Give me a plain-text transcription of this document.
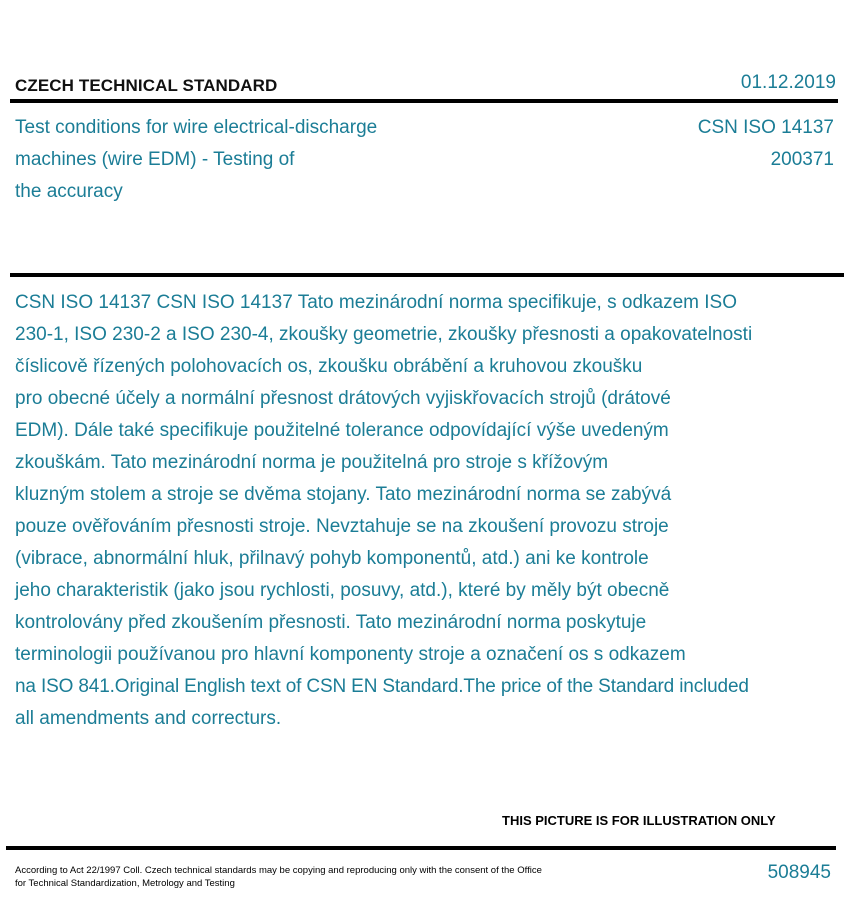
CZECH TECHNICAL STANDARD	01.12.2019
Test conditions for wire electrical-discharge
machines (wire EDM) - Testing of
the accuracy
CSN ISO 14137
200371
CSN ISO 14137 CSN ISO 14137 Tato mezinárodní norma specifikuje, s odkazem ISO
230-1, ISO 230-2 a ISO 230-4, zkoušky geometrie, zkoušky přesnosti a opakovatelnosti
číslicově řízených polohovacích os, zkoušku obrábění a kruhovou zkoušku
pro obecné účely a normální přesnost drátových vyjiskřovacích strojů (drátové
EDM). Dále také specifikuje použitelné tolerance odpovídající výše uvedeným
zkouškám. Tato mezinárodní norma je použitelná pro stroje s křížovým
kluzným stolem a stroje se dvěma stojany. Tato mezinárodní norma se zabývá
pouze ověřováním přesnosti stroje. Nevztahuje se na zkoušení provozu stroje
(vibrace, abnormální hluk, přilnavý pohyb komponentů, atd.) ani ke kontrole
jeho charakteristik (jako jsou rychlosti, posuvy, atd.), které by měly být obecně
kontrolovány před zkoušením přesnosti. Tato mezinárodní norma poskytuje
terminologii používanou pro hlavní komponenty stroje a označení os s odkazem
na ISO 841.Original English text of CSN EN Standard.The price of the Standard included
all amendments and correcturs.
THIS PICTURE IS FOR ILLUSTRATION ONLY
According to Act 22/1997 Coll. Czech technical standards may be copying and reproducing only with the consent of the Office
for Technical Standardization, Metrology and Testing
508945
